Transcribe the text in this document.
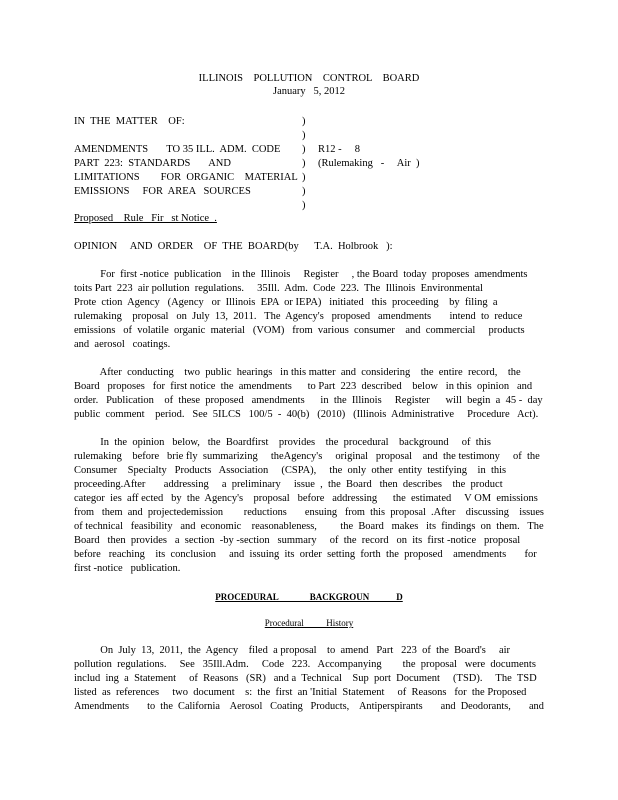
ILLINOIS    POLLUTION    CONTROL    BOARD
January   5, 2012
IN  THE  MATTER    OF:
AMENDMENTS       TO 35 ILL.  ADM.  CODE
PART  223:  STANDARDS       AND
LIMITATIONS        FOR  ORGANIC    MATERIAL
EMISSIONS     FOR  AREA   SOURCES
)
)
)
)
)
)
)
R12 -     8
(Rulemaking   -     Air  )
Proposed    Rule   Fir   st Notice  .
OPINION     AND  ORDER    OF  THE  BOARD(by      T.A.  Holbrook   ):
For  first -notice  publication    in the  Illinois     Register     , the Board  today  proposes  amendments
toits Part  223  air pollution  regulations.     35Ill.  Adm.  Code  223.  The  Illinois  Environmental
Prote  ction  Agency   (Agency   or  Illinois  EPA  or IEPA)   initiated   this  proceeding    by  filing  a
rulemaking    proposal   on  July  13,  2011.   The  Agency's   proposed   amendments       intend  to  reduce
emissions   of  volatile  organic  material   (VOM)   from  various  consumer    and  commercial     products
and  aerosol   coatings.
After  conducting    two  public  hearings   in this matter  and  considering    the  entire  record,    the
Board   proposes   for  first notice  the  amendments      to Part  223  described    below   in this  opinion   and
order.   Publication    of  these  proposed   amendments      in  the  Illinois     Register      will  begin  a  45 -  day
public  comment    period.   See  5ILCS   100/5  -  40(b)   (2010)   (Illinois  Administrative     Procedure   Act).
In  the  opinion   below,   the  Boardfirst    provides    the  procedural    background     of  this
rulemaking    before   brie fly  summarizing     theAgency's     original   proposal    and  the testimony     of  the
Consumer    Specialty   Products   Association     (CSPA),     the  only  other  entity  testifying    in  this
proceeding.After       addressing     a  preliminary     issue  ,  the  Board   then  describes    the  product
categor  ies  aff ected   by  the  Agency's    proposal   before   addressing      the  estimated     V OM  emissions
from   them  and  projectedemission        reductions       ensuing   from  this  proposal  .After    discussing    issues
of technical   feasibility   and  economic    reasonableness,         the  Board   makes   its  findings  on  them.   The
Board   then  provides   a  section  -by -section   summary     of  the  record   on  its  first -notice   proposal
before   reaching    its  conclusion     and  issuing  its  order  setting  forth  the  proposed    amendments       for
first -notice   publication.
PROCEDURAL              BACKGROUN            D
Procedural          History
On  July  13,  2011,  the  Agency    filed  a proposal    to  amend   Part   223  of  the  Board's     air
pollution  regulations.     See   35Ill.Adm.     Code   223.   Accompanying        the  proposal   were  documents
includ  ing  a  Statement     of  Reasons   (SR)   and a  Technical    Sup  port  Document     (TSD).     The  TSD
listed  as  references     two  document    s:  the  first  an 'Initial  Statement     of  Reasons   for  the Proposed
Amendments       to  the  California    Aerosol   Coating   Products,    Antiperspirants       and  Deodorants,       and
